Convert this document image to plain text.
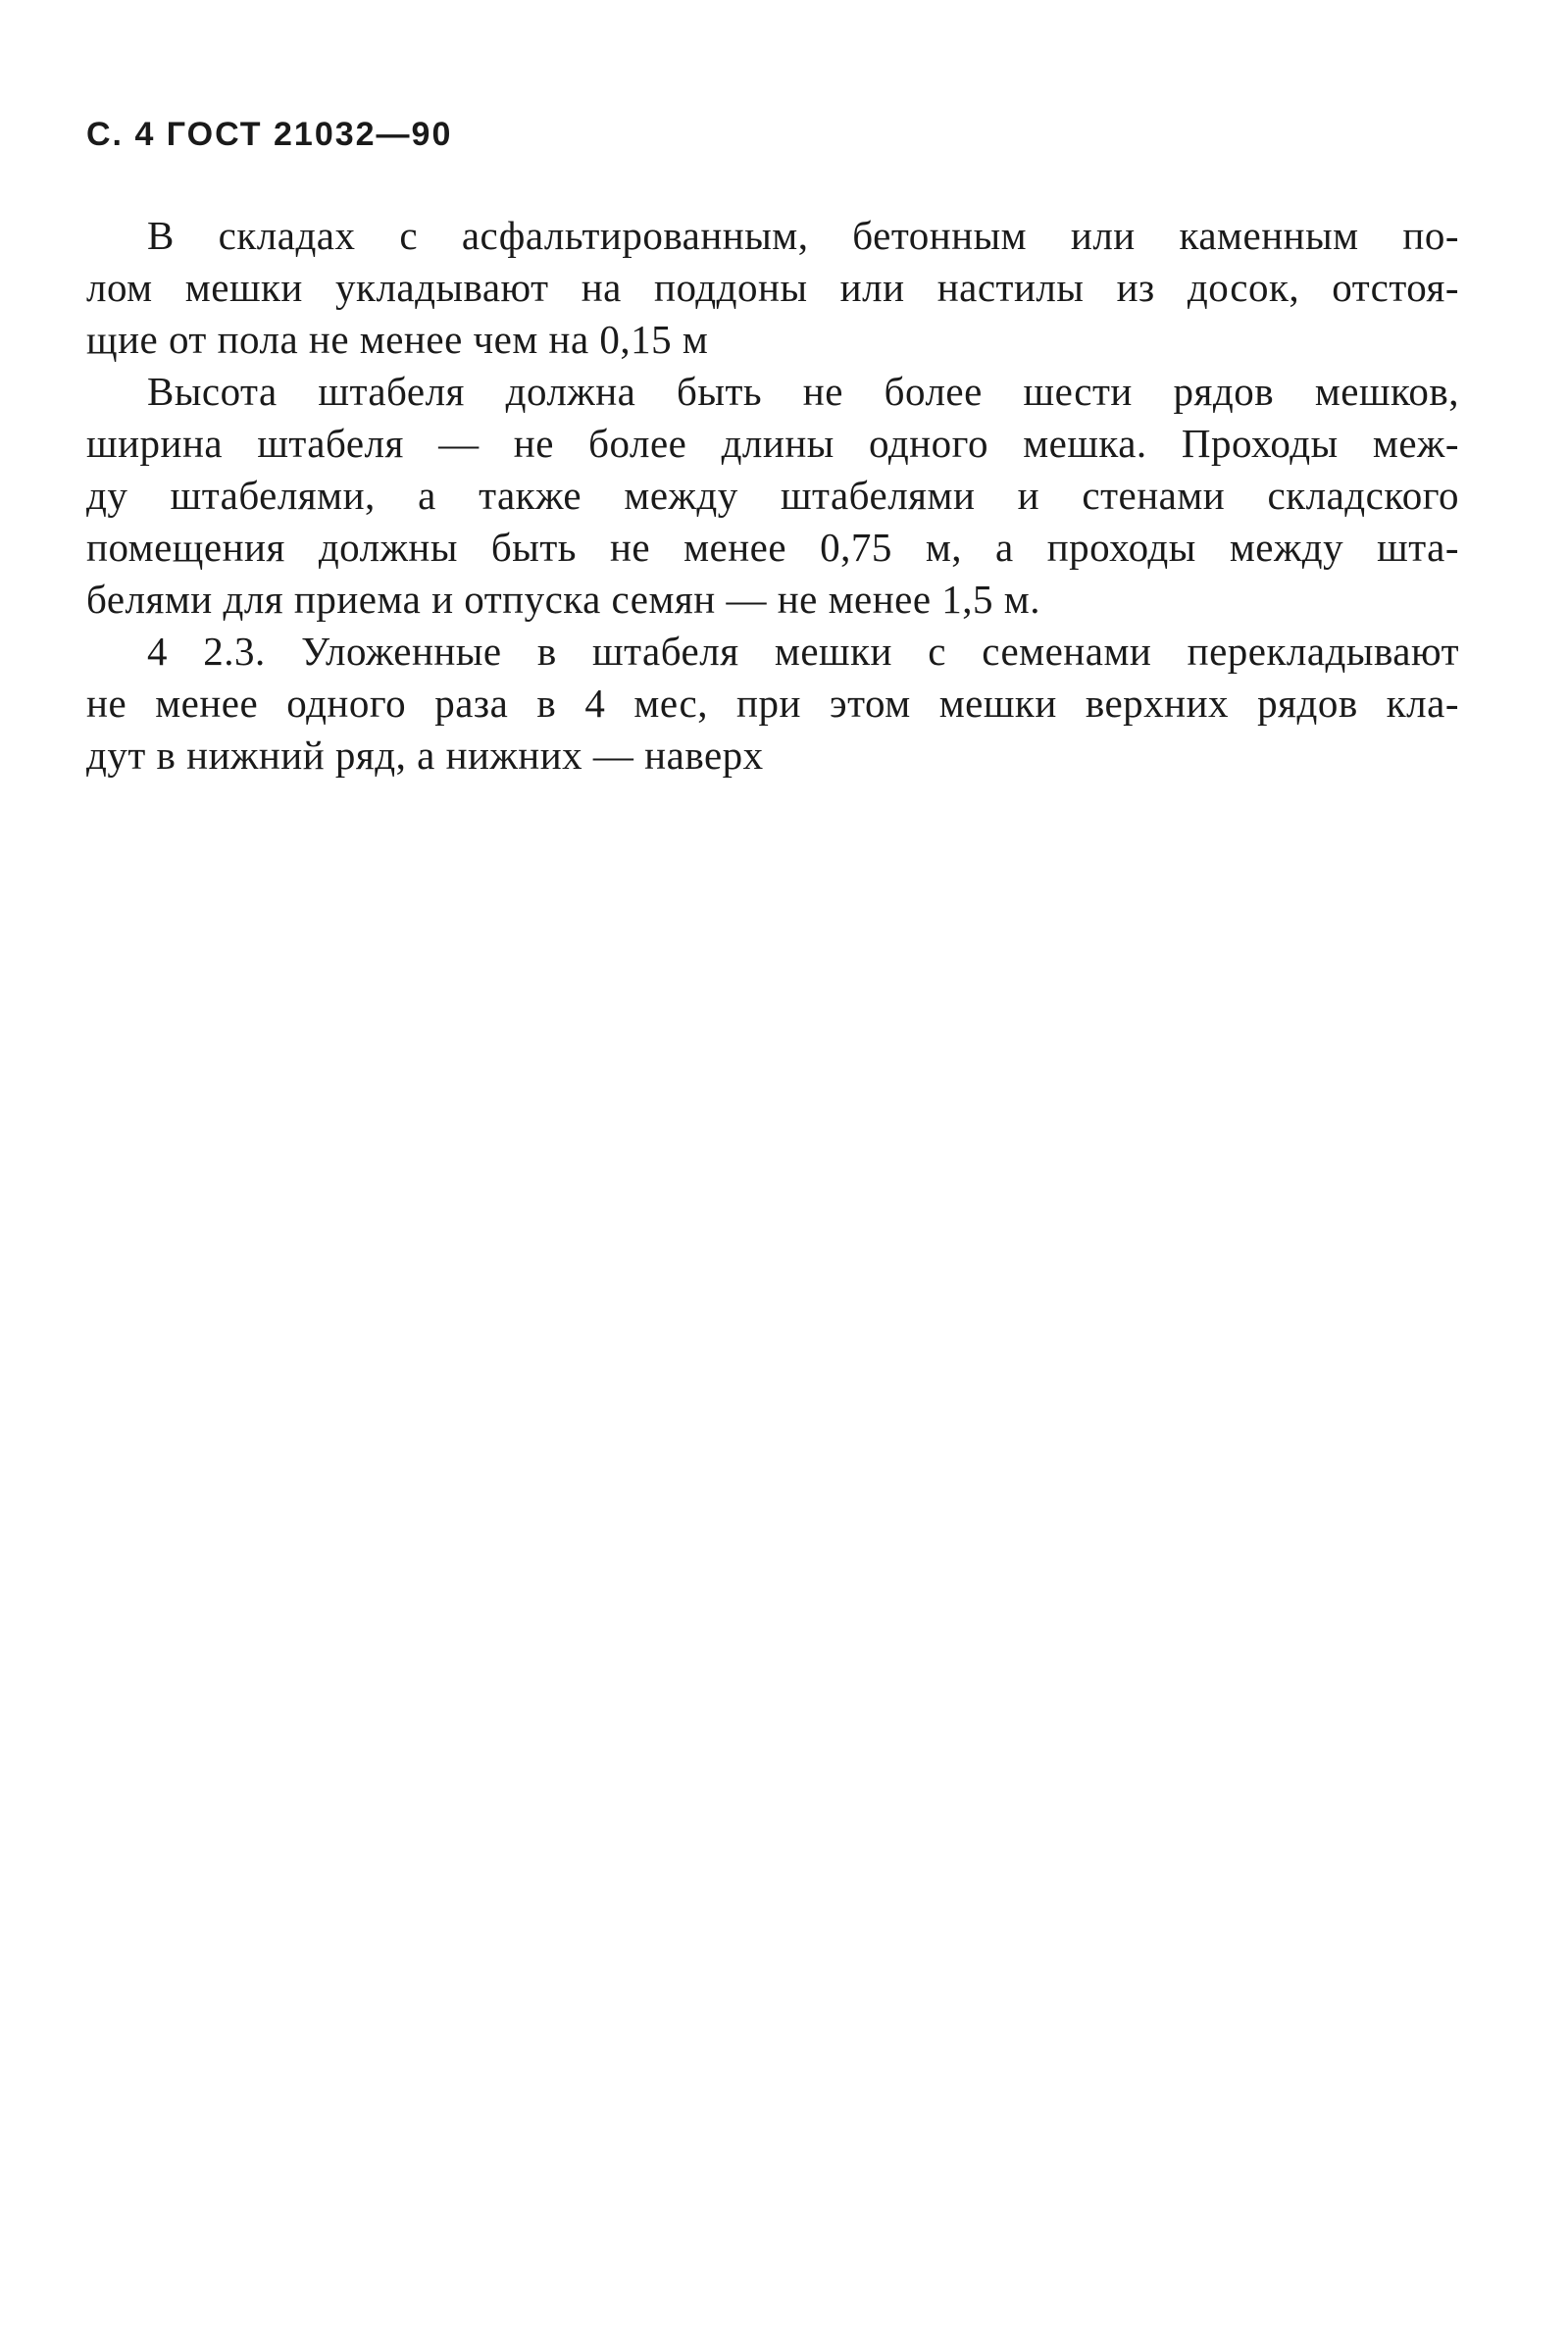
С. 4 ГОСТ 21032—90
В складах с асфальтированным, бетонным или каменным по-
лом мешки укладывают на поддоны или настилы из досок, отстоя-
щие от пола не менее чем на 0,15 м
Высота штабеля должна быть не более шести рядов мешков,
ширина штабеля — не более длины одного мешка. Проходы меж-
ду штабелями, а также между штабелями и стенами складского
помещения должны быть не менее 0,75 м, а проходы между шта-
белями для приема и отпуска семян — не менее 1,5 м.
4 2.3. Уложенные в штабеля мешки с семенами перекладывают
не менее одного раза в 4 мес, при этом мешки верхних рядов кла-
дут в нижний ряд, а нижних — наверх
